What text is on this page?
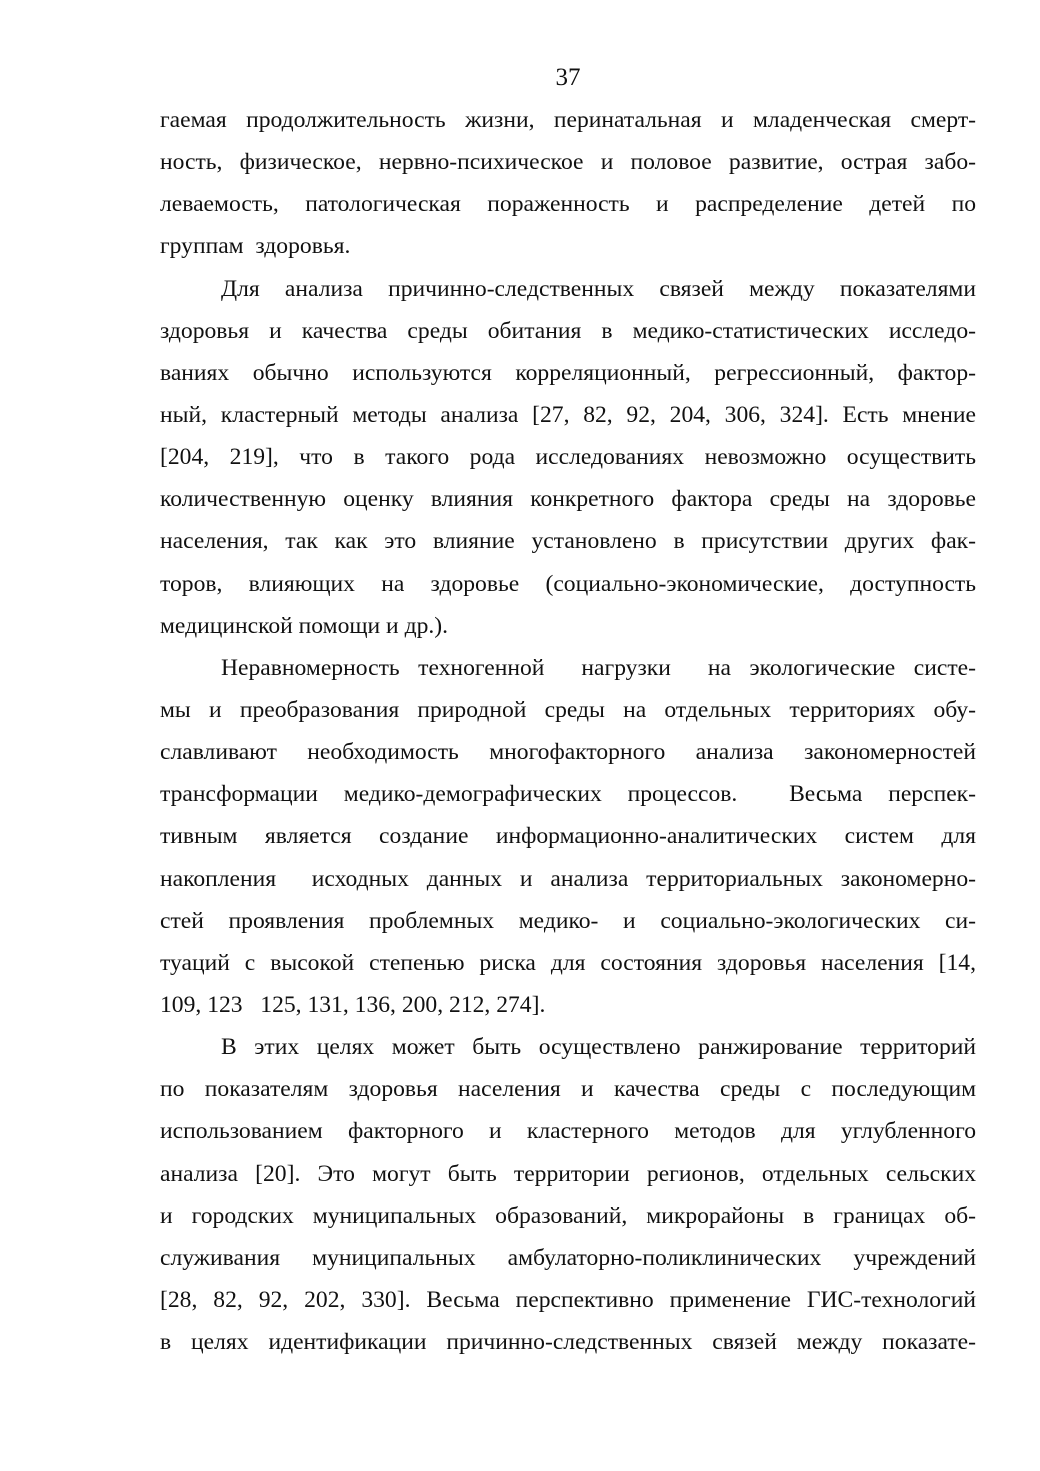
37
гаемая продолжительность жизни, перинатальная и младенческая смерт-
ность, физическое, нервно-психическое и половое развитие, острая забо-
леваемость, патологическая пораженность и распределение детей по
группам  здоровья.
Для анализа причинно-следственных связей между показателями
здоровья и качества среды обитания в медико-статистических исследо-
ваниях обычно используются корреляционный, регрессионный, фактор-
ный, кластерный методы анализа [27, 82, 92, 204, 306, 324]. Есть мнение
[204, 219], что в такого рода исследованиях невозможно осуществить
количественную оценку влияния конкретного фактора среды на здоровье
населения, так как это влияние установлено в присутствии других фак-
торов, влияющих на здоровье (социально-экономические, доступность
медицинской помощи и др.).
Неравномерность техногенной  нагрузки  на экологические систе-
мы и преобразования природной среды на отдельных территориях обу-
славливают необходимость многофакторного анализа закономерностей
трансформации медико-демографических процессов.  Весьма перспек-
тивным является создание информационно-аналитических систем для
накопления  исходных данных и анализа территориальных закономерно-
стей проявления проблемных медико- и социально-экологических си-
туаций с высокой степенью риска для состояния здоровья населения [14,
109, 123   125, 131, 136, 200, 212, 274].
В этих целях может быть осуществлено ранжирование территорий
по показателям здоровья населения и качества среды с последующим
использованием факторного и кластерного методов для углубленного
анализа [20]. Это могут быть территории регионов, отдельных сельских
и городских муниципальных образований, микрорайоны в границах об-
служивания муниципальных амбулаторно-поликлинических учреждений
[28, 82, 92, 202, 330]. Весьма перспективно применение ГИС-технологий
в целях идентификации причинно-следственных связей между показате-
